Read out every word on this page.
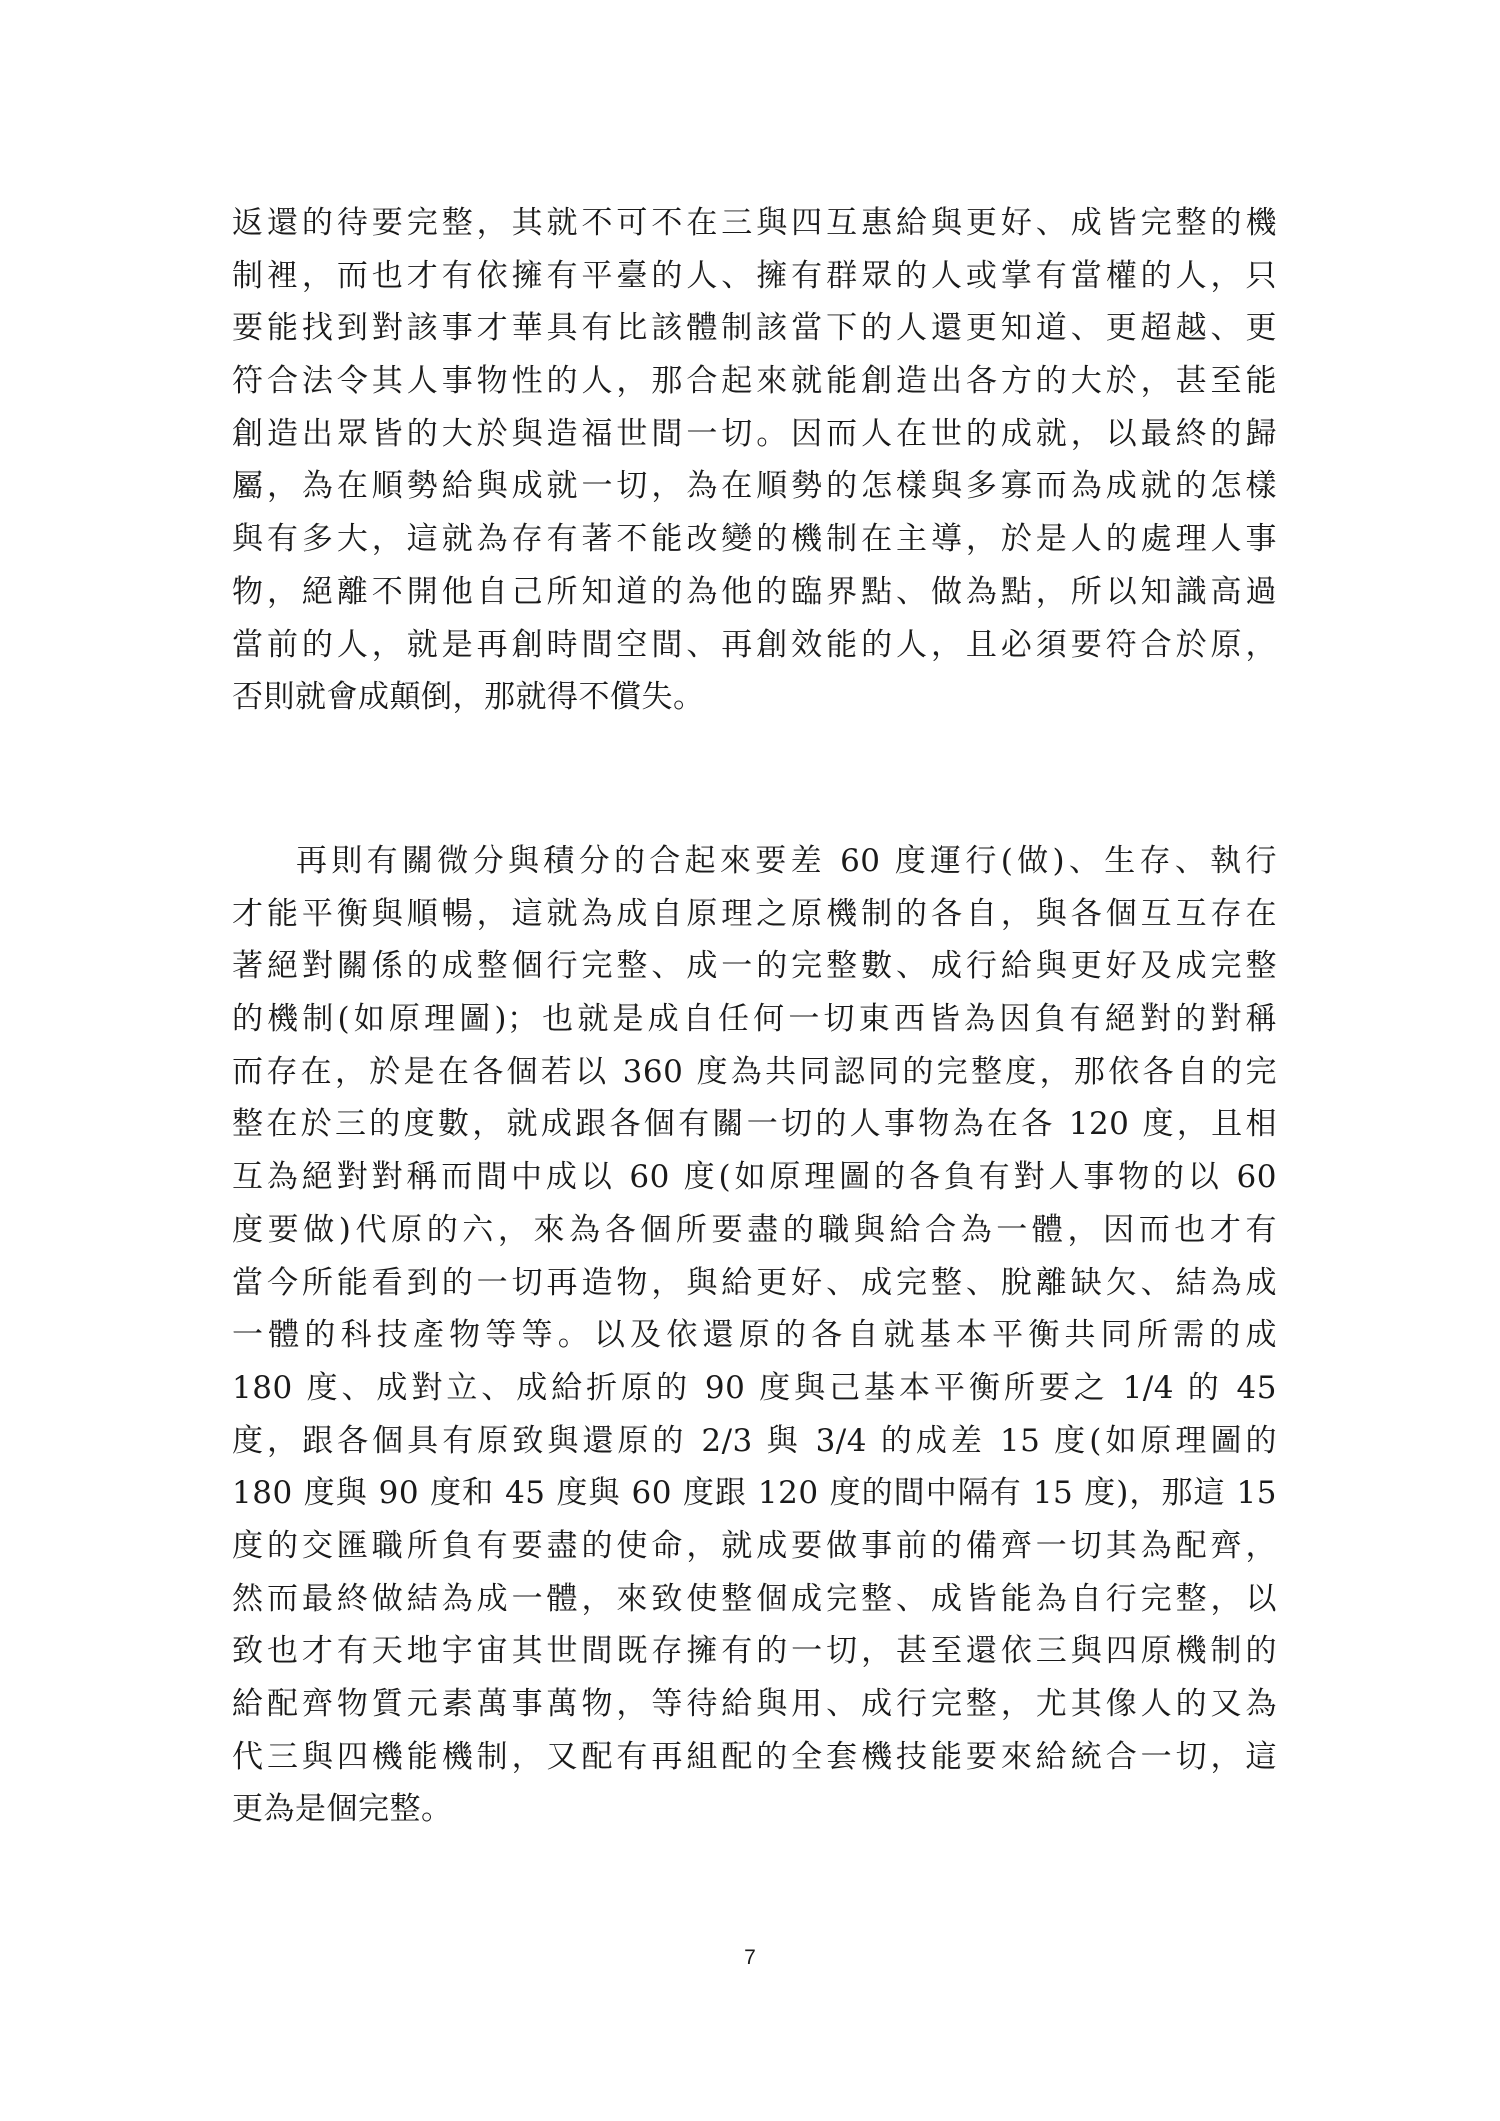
返還的待要完整，其就不可不在三與四互惠給與更好、成皆完整的機
制裡，而也才有依擁有平臺的人、擁有群眾的人或掌有當權的人，只
要能找到對該事才華具有比該體制該當下的人還更知道、更超越、更
符合法令其人事物性的人，那合起來就能創造出各方的大於，甚至能
創造出眾皆的大於與造福世間一切。因而人在世的成就，以最終的歸
屬，為在順勢給與成就一切，為在順勢的怎樣與多寡而為成就的怎樣
與有多大，這就為存有著不能改變的機制在主導，於是人的處理人事
物，絕離不開他自己所知道的為他的臨界點、做為點，所以知識高過
當前的人，就是再創時間空間、再創效能的人，且必須要符合於原，
否則就會成顛倒，那就得不償失。
再則有關微分與積分的合起來要差 60 度運行(做)、生存、執行
才能平衡與順暢，這就為成自原理之原機制的各自，與各個互互存在
著絕對關係的成整個行完整、成一的完整數、成行給與更好及成完整
的機制(如原理圖)；也就是成自任何一切東西皆為因負有絕對的對稱
而存在，於是在各個若以 360 度為共同認同的完整度，那依各自的完
整在於三的度數，就成跟各個有關一切的人事物為在各 120 度，且相
互為絕對對稱而間中成以 60 度(如原理圖的各負有對人事物的以 60
度要做)代原的六，來為各個所要盡的職與給合為一體，因而也才有
當今所能看到的一切再造物，與給更好、成完整、脫離缺欠、結為成
一體的科技產物等等。以及依還原的各自就基本平衡共同所需的成
180 度、成對立、成給折原的 90 度與己基本平衡所要之 1/4 的 45
度，跟各個具有原致與還原的 2/3 與 3/4 的成差 15 度(如原理圖的
180 度與 90 度和 45 度與 60 度跟 120 度的間中隔有 15 度)，那這 15
度的交匯職所負有要盡的使命，就成要做事前的備齊一切其為配齊，
然而最終做結為成一體，來致使整個成完整、成皆能為自行完整，以
致也才有天地宇宙其世間既存擁有的一切，甚至還依三與四原機制的
給配齊物質元素萬事萬物，等待給與用、成行完整，尤其像人的又為
代三與四機能機制，又配有再組配的全套機技能要來給統合一切，這
更為是個完整。
7
